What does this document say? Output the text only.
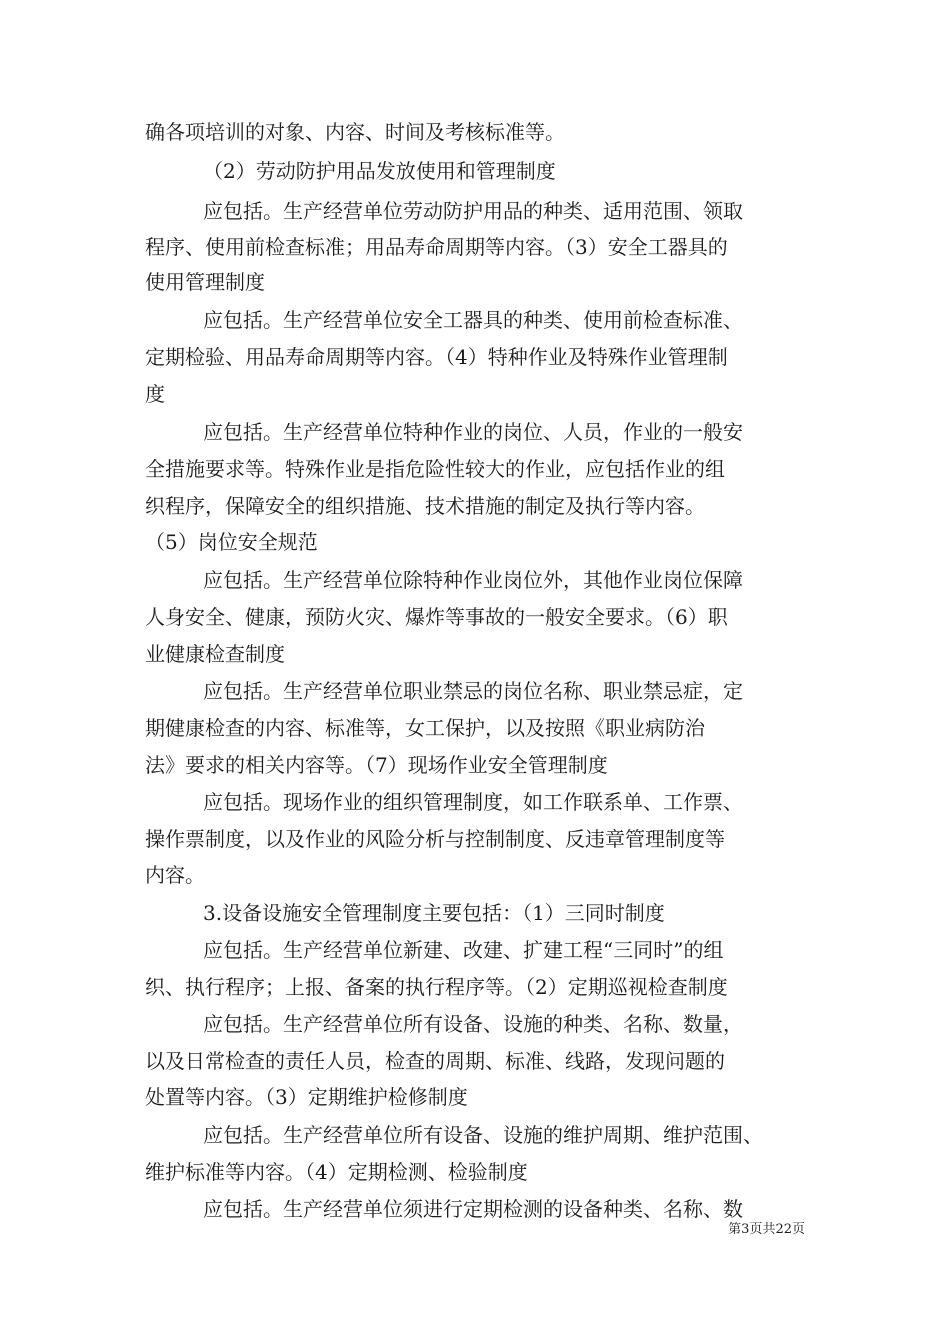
确各项培训的对象、内容、时间及考核标准等。
（2）劳动防护用品发放使用和管理制度
应包括。生产经营单位劳动防护用品的种类、适用范围、领取
程序、使用前检查标准；用品寿命周期等内容。（3）安全工器具的
使用管理制度
应包括。生产经营单位安全工器具的种类、使用前检查标准、
定期检验、用品寿命周期等内容。（4）特种作业及特殊作业管理制
度
应包括。生产经营单位特种作业的岗位、人员，作业的一般安
全措施要求等。特殊作业是指危险性较大的作业，应包括作业的组
织程序，保障安全的组织措施、技术措施的制定及执行等内容。
（5）岗位安全规范
应包括。生产经营单位除特种作业岗位外，其他作业岗位保障
人身安全、健康，预防火灾、爆炸等事故的一般安全要求。（6）职
业健康检查制度
应包括。生产经营单位职业禁忌的岗位名称、职业禁忌症，定
期健康检查的内容、标准等，女工保护，以及按照《职业病防治
法》要求的相关内容等。（7）现场作业安全管理制度
应包括。现场作业的组织管理制度，如工作联系单、工作票、
操作票制度，以及作业的风险分析与控制制度、反违章管理制度等
内容。
3.设备设施安全管理制度主要包括：（1）三同时制度
应包括。生产经营单位新建、改建、扩建工程“三同时”的组
织、执行程序；上报、备案的执行程序等。（2）定期巡视检查制度
应包括。生产经营单位所有设备、设施的种类、名称、数量，
以及日常检查的责任人员，检查的周期、标准、线路，发现问题的
处置等内容。（3）定期维护检修制度
应包括。生产经营单位所有设备、设施的维护周期、维护范围、
维护标准等内容。（4）定期检测、检验制度
应包括。生产经营单位须进行定期检测的设备种类、名称、数
第3页共22页
